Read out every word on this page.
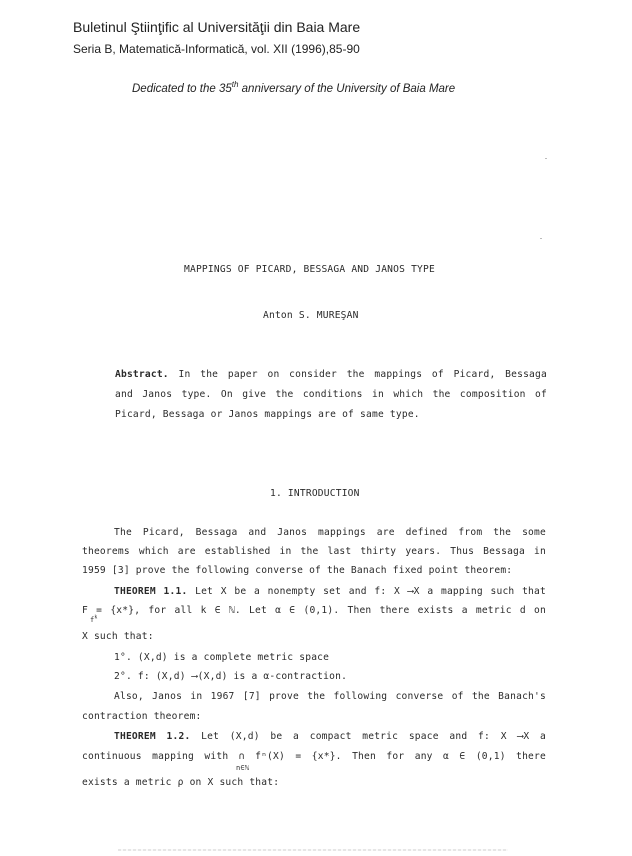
Buletinul Ştiinţific al Universităţii din Baia Mare
Seria B, Matematică-Informatică, vol. XII (1996),85-90
Dedicated to the 35th anniversary of the University of Baia Mare
MAPPINGS OF PICARD, BESSAGA AND JANOS TYPE
Anton S. MUREŞAN
Abstract. In the paper on consider the mappings of Picard, Bessaga
and Janos type. On give the conditions in which the composition of
Picard, Bessaga or Janos mappings are of same type.
1. INTRODUCTION
The Picard, Bessaga and Janos mappings are defined from the some
theorems which are established in the last thirty years. Thus Bessaga in
1959 [3] prove the following converse of the Banach fixed point theorem:
THEOREM 1.1. Let X be a nonempty set and f: X ⟶X a mapping such that
F = {x*}, for all k ∈ ℕ. Let α ∈ (0,1). Then there exists a metric d on
$f^k$
X such that:
1°. (X,d) is a complete metric space
2°. f: (X,d) ⟶(X,d) is a α-contraction.
Also, Janos in 1967 [7] prove the following converse of the Banach's
contraction theorem:
THEOREM 1.2. Let (X,d) be a compact metric space and f: X ⟶X a
continuous mapping with ∩ fⁿ(X) = {x*}. Then for any α ∈ (0,1) there
n∈ℕ
exists a metric ρ on X such that:
